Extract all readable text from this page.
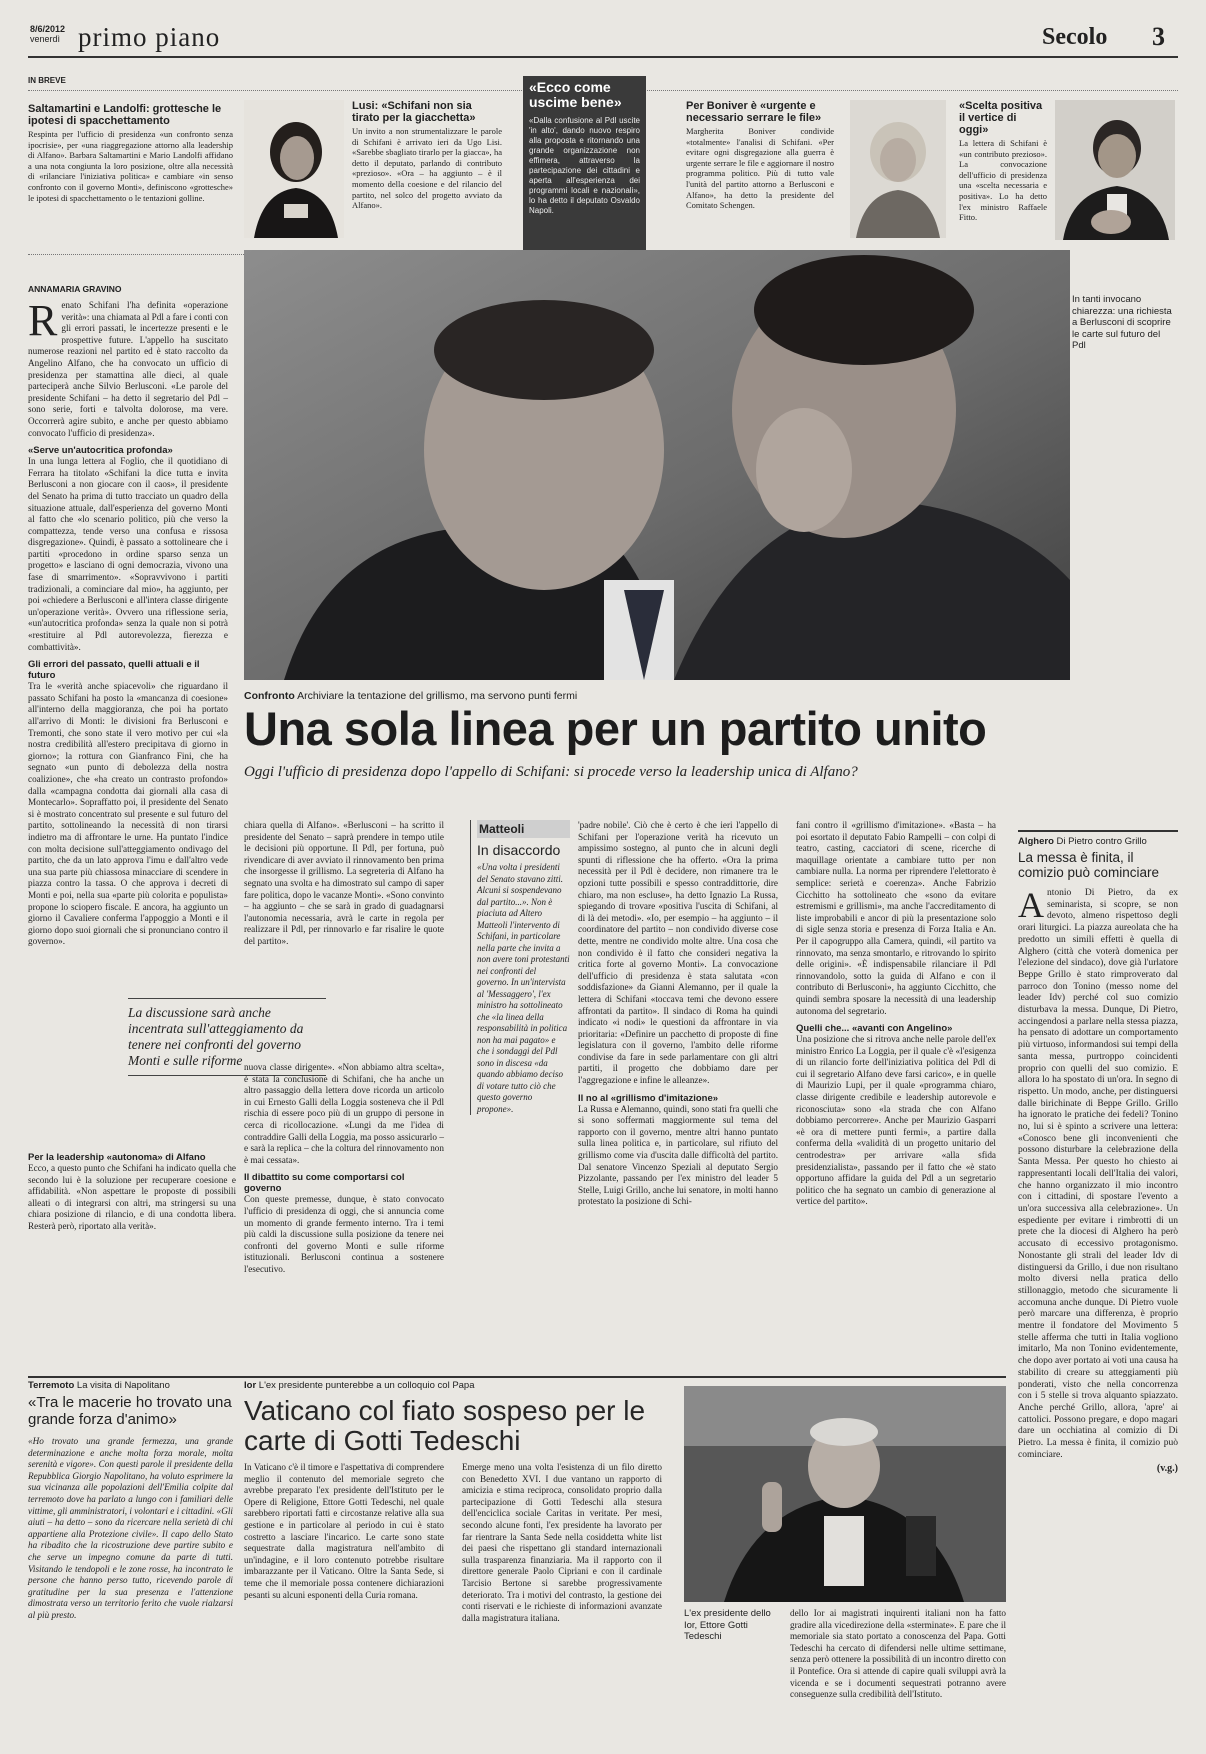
8/6/2012
venerdì primo piano	Secolo 3
IN BREVE
Saltamartini e Landolfi: grottesche le ipotesi di spacchettamento

Respinta per l'ufficio di presidenza «un confronto senza ipocrisie», per «una riaggregazione attorno alla leadership di Alfano». Barbara Saltamartini e Mario Landolfi affidano a una nota congiunta la loro posizione, oltre alla necessità di «rilanciare l'iniziativa politica» e cambiare «in senso confronto con il governo Monti», definiscono «grottesche» le ipotesi di spacchettamento o le tentazioni golline.

Lusi: «Schifani non sia tirato per la giacchetta»

Un invito a non strumentalizzare le parole di Schifani è arrivato ieri da Ugo Lisi. «Sarebbe sbagliato tirarlo per la giacca», ha detto il deputato, parlando di contributo «prezioso». «Ora – ha aggiunto – è il momento della coesione e del rilancio del partito, nel solco del progetto avviato da Alfano».

«Ecco come uscime bene»

«Dalla confusione al Pdl uscite 'in alto', dando nuovo respiro alla proposta e ritornando una grande organizzazione non effimera, attraverso la partecipazione dei cittadini e aperta all'esperienza dei programmi locali e nazionali», lo ha detto il deputato Osvaldo Napoli.

Per Boniver è «urgente e necessario serrare le file»

Margherita Boniver condivide «totalmente» l'analisi di Schifani. «Per evitare ogni disgregazione alla guerra è urgente serrare le file e aggiornare il nostro programma politico. Più di tutto vale l'unità del partito attorno a Berlusconi e Alfano», ha detto la presidente del Comitato Schengen.

«Scelta positiva il vertice di oggi»

La lettera di Schifani è «un contributo prezioso». La convocazione dell'ufficio di presidenza una «scelta necessaria e positiva». Lo ha detto l'ex ministro Raffaele Fitto.

In tanti invocano chiarezza: una richiesta a Berlusconi di scoprire le carte sul futuro del Pdl
Confronto Archiviare la tentazione del grillismo, ma servono punti fermi
Una sola linea per un partito unito
Oggi l'ufficio di presidenza dopo l'appello di Schifani: si procede verso la leadership unica di Alfano?
ANNAMARIA GRAVINO

Renato Schifani l'ha definita «operazione verità»: una chiamata al Pdl a fare i conti con gli errori passati, le incertezze presenti e le prospettive future. L'appello ha suscitato numerose reazioni nel partito ed è stato raccolto da Angelino Alfano, che ha convocato un ufficio di presidenza per stamattina alle dieci, al quale parteciperà anche Silvio Berlusconi. «Le parole del presidente Schifani – ha detto il segretario del Pdl – sono serie, forti e talvolta dolorose, ma vere. Occorrerà agire subito, e anche per questo abbiamo convocato l'ufficio di presidenza».

«Serve un'autocritica profonda»

In una lunga lettera al Foglio, che il quotidiano di Ferrara ha titolato «Schifani la dice tutta e invita Berlusconi a non giocare con il caos», il presidente del Senato ha prima di tutto tracciato un quadro della situazione attuale, dall'esperienza del governo Monti al fatto che «lo scenario politico, più che verso la compattezza, tende verso una confusa e rissosa disgregazione». Quindi, è passato a sottolineare che i partiti «procedono in ordine sparso senza un progetto» e lasciano di ogni democrazia, vivono una fase di smarrimento». «Sopravvivono i partiti tradizionali, a cominciare dal mio», ha aggiunto, per poi «chiedere a Berlusconi e all'intera classe dirigente un'operazione verità». Ovvero una riflessione seria, «un'autocritica profonda» senza la quale non si potrà «restituire al Pdl autorevolezza, fierezza e combattività».

Gli errori del passato, quelli attuali e il futuro

Tra le «verità anche spiacevoli» che riguardano il passato Schifani ha posto la «mancanza di coesione» all'interno della maggioranza, che poi ha portato all'arrivo di Monti: le divisioni fra Berlusconi e Tremonti, che sono state il vero motivo per cui «la nostra credibilità all'estero precipitava di giorno in giorno»; la rottura con Gianfranco Fini, che ha segnato «un punto di debolezza della nostra coalizione», che «ha creato un contrasto profondo» dalla «campagna condotta dai giornali alla casa di Montecarlo». Sopraffatto poi, il presidente del Senato si è mostrato concentrato sul presente e sul futuro del partito, sottolineando la necessità di non tirarsi indietro ma di affrontare le urne. Ha puntato l'indice con molta decisione sull'atteggiamento ondivago del partito, che da un lato approva l'imu e dall'altro vede una sua parte più chiassosa minacciare di scendere in piazza contro la tassa. O che approva i decreti di Monti e poi, nella sua «parte più colorita e populista» propone lo sciopero fiscale. E ancora, ha aggiunto un giorno il Cavaliere conferma l'appoggio a Monti e il giorno dopo suoi giornali che si pronunciano contro il governo».

Per la leadership «autonoma» di Alfano

Ecco, a questo punto che Schifani ha indicato quella che secondo lui è la soluzione per recuperare coesione e affidabilità. «Non aspettare le proposte di possibili alleati o di integrarsi con altri, ma stringersi su una chiara posizione di rilancio, e di una condotta libera. Resterà però, riportato alla verità».

chiara quella di Alfano». «Berlusconi – ha scritto il presidente del Senato – saprà prendere in tempo utile le decisioni più opportune. Il Pdl, per fortuna, può rivendicare di aver avviato il rinnovamento ben prima che insorgesse il grillismo. La segreteria di Alfano ha segnato una svolta e ha dimostrato sul campo di saper fare politica, dopo le vacanze Monti». «Sono convinto – ha aggiunto – che se sarà in grado di guadagnarsi l'autonomia necessaria, avrà le carte in regola per realizzare il Pdl, per rinnovarlo e far risalire le quote del partito».

La discussione sarà anche incentrata sull'atteggiamento da tenere nei confronti del governo Monti e sulle riforme nuova classe dirigente». «Non abbiamo altra scelta», è stata la conclusione di Schifani, che ha anche un altro passaggio della lettera dove ricorda un articolo in cui Ernesto Galli della Loggia sosteneva che il Pdl rischia di essere poco più di un gruppo di persone in cerca di ricollocazione. «Lungi da me l'idea di contraddire Galli della Loggia, ma posso assicurarlo – e sarà la replica – che la coltura del rinnovamento non è mai cessata».

Il dibattito su come comportarsi col governo

Con queste premesse, dunque, è stato convocato l'ufficio di presidenza di oggi, che si annuncia come un momento di grande fermento interno. Tra i temi più caldi la discussione sulla posizione da tenere nei confronti del governo Monti e sulle riforme istituzionali. Berlusconi continua a sostenere l'esecutivo.

Matteoli
In disaccordo

«Una volta i presidenti del Senato stavano zitti. Alcuni si sospendevano dal partito...». Non è piaciuta ad Altero Matteoli l'intervento di Schifani, in particolare nella parte che invita a non avere toni protestanti nei confronti del governo. In un'intervista al 'Messaggero', l'ex ministro ha sottolineato che «la linea della responsabilità in politica non ha mai pagato» e che i sondaggi del Pdl sono in discesa «da quando abbiamo deciso di votare tutto ciò che questo governo propone».

'padre nobile'. Ciò che è certo è che ieri l'appello di Schifani per l'operazione verità ha ricevuto un ampissimo sostegno, al punto che in alcuni degli spunti di riflessione che ha offerto. «Ora la prima necessità per il Pdl è decidere, non rimanere tra le opzioni tutte possibili e spesso contraddittorie, dire chiaro, ma non escluse», ha detto Ignazio La Russa, spiegando di trovare «positiva l'uscita di Schifani, al di là dei metodi». «Io, per esempio – ha aggiunto – il coordinatore del partito – non condivido diverse cose dette, mentre ne condivido molte altre. Una cosa che non condivido è il fatto che consideri negativa la critica forte al governo Monti». La convocazione dell'ufficio di presidenza è stata salutata «con soddisfazione» da Gianni Alemanno, per il quale la lettera di Schifani «toccava temi che devono essere affrontati da partito». Il sindaco di Roma ha quindi indicato «i nodi» le questioni da affrontare in via prioritaria: «Definire un pacchetto di proposte di fine legislatura con il governo, l'ambito delle riforme condivise da fare in sede parlamentare con gli altri partiti, il progetto che dobbiamo dare per l'aggregazione e infine le alleanze».

Il no al «grillismo d'imitazione»

La Russa e Alemanno, quindi, sono stati fra quelli che si sono soffermati maggiormente sul tema del rapporto con il governo, mentre altri hanno puntato sulla linea politica e, in particolare, sul rifiuto del grillismo come via d'uscita dalle difficoltà del partito. Dal senatore Vincenzo Speziali al deputato Sergio Pizzolante, passando per l'ex ministro del leader 5 Stelle, Luigi Grillo, anche lui senatore, in molti hanno protestato la posizione di Schi-

fani contro il «grillismo d'imitazione». «Basta – ha poi esortato il deputato Fabio Rampelli – con colpi di teatro, casting, cacciatori di scene, ricerche di maquillage orientate a cambiare tutto per non cambiare nulla. La norma per riprendere l'elettorato è semplice: serietà e coerenza». Anche Fabrizio Cicchitto ha sottolineato che «sono da evitare estremismi e grillismi», ma anche l'accreditamento di liste improbabili e ancor di più la presentazione solo di sigle senza storia e presenza di Forza Italia e An. Per il capogruppo alla Camera, quindi, «il partito va rinnovato, ma senza smontarlo, e ritrovando lo spirito delle origini». «È indispensabile rilanciare il Pdl rinnovandolo, sotto la guida di Alfano e con il contributo di Berlusconi», ha aggiunto Cicchitto, che quindi sembra sposare la necessità di una leadership autonoma del segretario.

Quelli che... «avanti con Angelino»

Una posizione che si ritrova anche nelle parole dell'ex ministro Enrico La Loggia, per il quale c'è «l'esigenza di un rilancio forte dell'iniziativa politica del Pdl di cui il segretario Alfano deve farsi carico», e in quelle di Maurizio Lupi, per il quale «programma chiaro, classe dirigente credibile e leadership autorevole e riconosciuta» sono «la strada che con Alfano dobbiamo percorrere». Anche per Maurizio Gasparri «è ora di mettere punti fermi», a partire dalla conferma della «validità di un progetto unitario del centrodestra» per arrivare «alla sfida presidenzialista», passando per il fatto che «è stato opportuno affidare la guida del Pdl a un segretario politico che ha segnato un cambio di generazione al vertice del partito».

Alghero Di Pietro contro Grillo
La messa è finita, il comizio può cominciare

Antonio Di Pietro, da ex seminarista, si scopre, se non devoto, almeno rispettoso degli orari liturgici. La piazza aureolata che ha predotto un simili effetti è quella di Alghero (città che voterà domenica per l'elezione del sindaco), dove già l'urlatore Beppe Grillo è stato rimproverato dal parroco don Tonino (messo nome del leader Idv) perché col suo comizio disturbava la messa. Dunque, Di Pietro, accingendosi a parlare nella stessa piazza, ha pensato di adottare un comportamento più virtuoso, informandosi sui tempi della santa messa, purtroppo coincidenti proprio con quelli del suo comizio. E allora lo ha spostato di un'ora. In segno di rispetto. Un modo, anche, per distinguersi dalle birichinate di Beppe Grillo. Grillo ha ignorato le pratiche dei fedeli? Tonino no, lui si è spinto a scrivere una lettera: «Conosco bene gli inconvenienti che possono disturbare la celebrazione della Santa Messa. Per questo ho chiesto ai rappresentanti locali dell'Italia dei valori, che hanno organizzato il mio incontro con i cittadini, di spostare l'evento a un'ora successiva alla celebrazione». Un espediente per evitare i rimbrotti di un prete che la diocesi di Alghero ha però accusato di eccessivo protagonismo. Nonostante gli strali del leader Idv di distinguersi da Grillo, i due non risultano molto diversi nella pratica dello stillonaggio, metodo che sicuramente li accomuna anche dunque. Di Pietro vuole però marcare una differenza, è proprio mentre il fondatore del Movimento 5 stelle afferma che tutti in Italia vogliono imitarlo, Ma non Tonino evidentemente, che dopo aver portato ai voti una causa ha stabilito di creare su atteggiamenti più ponderati, visto che nella concorrenza con i 5 stelle si trova alquanto spiazzato. Anche perché Grillo, allora, 'apre' ai cattolici. Possono pregare, e dopo magari dare un occhiatina al comizio di Di Pietro. La messa è finita, il comizio può cominciare.

(v.g.)
Terremoto La visita di Napolitano
«Tra le macerie ho trovato una grande forza d'animo»

«Ho trovato una grande fermezza, una grande determinazione e anche molta forza morale, molta serenità e vigore». Con questi parole il presidente della Repubblica Giorgio Napolitano, ha voluto esprimere la sua vicinanza alle popolazioni dell'Emilia colpite dal terremoto dove ha parlato a lungo con i familiari delle vittime, gli amministratori, i volontari e i cittadini. «Gli aiuti – ha detto – sono da ricercare nella serietà di chi appartiene alla Protezione civile». Il capo dello Stato ha ribadito che la ricostruzione deve partire subito e che serve un impegno comune da parte di tutti. Visitando le tendopoli e le zone rosse, ha incontrato le persone che hanno perso tutto, ricevendo parole di gratitudine per la sua presenza e l'attenzione dimostrata verso un territorio ferito che vuole rialzarsi al più presto.

Ior L'ex presidente punterebbe a un colloquio col Papa
Vaticano col fiato sospeso per le carte di Gotti Tedeschi

In Vaticano c'è il timore e l'aspettativa di comprendere meglio il contenuto del memoriale segreto che avrebbe preparato l'ex presidente dell'Istituto per le Opere di Religione, Ettore Gotti Tedeschi, nel quale sarebbero riportati fatti e circostanze relative alla sua gestione e in particolare al periodo in cui è stato costretto a lasciare l'incarico. Le carte sono state sequestrate dalla magistratura nell'ambito di un'indagine, e il loro contenuto potrebbe risultare imbarazzante per il Vaticano. Oltre la Santa Sede, si teme che il memoriale possa contenere dichiarazioni pesanti su alcuni esponenti della Curia romana.

Emerge meno una volta l'esistenza di un filo diretto con Benedetto XVI. I due vantano un rapporto di amicizia e stima reciproca, consolidato proprio dalla partecipazione di Gotti Tedeschi alla stesura dell'enciclica sociale Caritas in veritate. Per mesi, secondo alcune fonti, l'ex presidente ha lavorato per far rientrare la Santa Sede nella cosiddetta white list dei paesi che rispettano gli standard internazionali sulla trasparenza finanziaria. Ma il rapporto con il direttore generale Paolo Cipriani e con il cardinale Tarcisio Bertone si sarebbe progressivamente deteriorato. Tra i motivi del contrasto, la gestione dei conti riservati e le richieste di informazioni avanzate dalla magistratura italiana.	L'ex presidente dello Ior, Ettore Gotti Tedeschi

dello Ior ai magistrati inquirenti italiani non ha fatto gradire alla vicedirezione della «sterminate». E pare che il memoriale sia stato portato a conoscenza del Papa. Gotti Tedeschi ha cercato di difendersi nelle ultime settimane, senza però ottenere la possibilità di un incontro diretto con il Pontefice. Ora si attende di capire quali sviluppi avrà la vicenda e se i documenti sequestrati potranno avere conseguenze sulla credibilità dell'Istituto.
